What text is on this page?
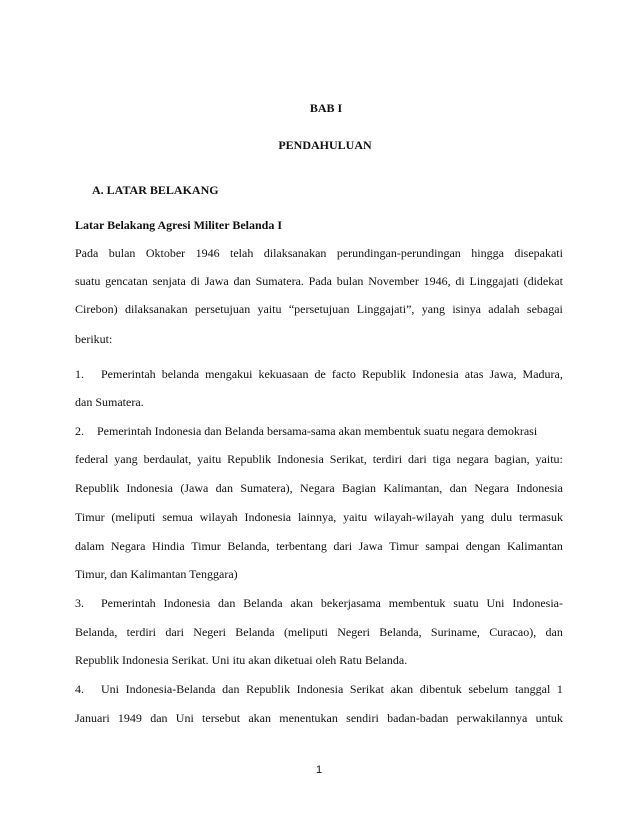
BAB I
PENDAHULUAN
A. LATAR BELAKANG
Latar Belakang Agresi Militer Belanda I
Pada bulan Oktober 1946 telah dilaksanakan perundingan-perundingan hingga disepakati
suatu gencatan senjata di Jawa dan Sumatera. Pada bulan November 1946, di Linggajati (didekat
Cirebon) dilaksanakan persetujuan yaitu “persetujuan Linggajati”, yang isinya adalah sebagai
berikut:
1.	Pemerintah belanda mengakui kekuasaan de facto Republik Indonesia atas Jawa, Madura,
dan Sumatera.
2.	Pemerintah Indonesia dan Belanda bersama-sama akan membentuk suatu negara demokrasi
federal yang berdaulat, yaitu Republik Indonesia Serikat, terdiri dari tiga negara bagian, yaitu:
Republik Indonesia (Jawa dan Sumatera), Negara Bagian Kalimantan, dan Negara Indonesia
Timur (meliputi semua wilayah Indonesia lainnya, yaitu wilayah-wilayah yang dulu termasuk
dalam Negara Hindia Timur Belanda, terbentang dari Jawa Timur sampai dengan Kalimantan
Timur, dan Kalimantan Tenggara)
3.	Pemerintah Indonesia dan Belanda akan bekerjasama membentuk suatu Uni Indonesia-
Belanda, terdiri dari Negeri Belanda (meliputi Negeri Belanda, Suriname, Curacao), dan
Republik Indonesia Serikat. Uni itu akan diketuai oleh Ratu Belanda.
4.	Uni Indonesia-Belanda dan Republik Indonesia Serikat akan dibentuk sebelum tanggal 1
Januari 1949 dan Uni tersebut akan menentukan sendiri badan-badan perwakilannya untuk
1
